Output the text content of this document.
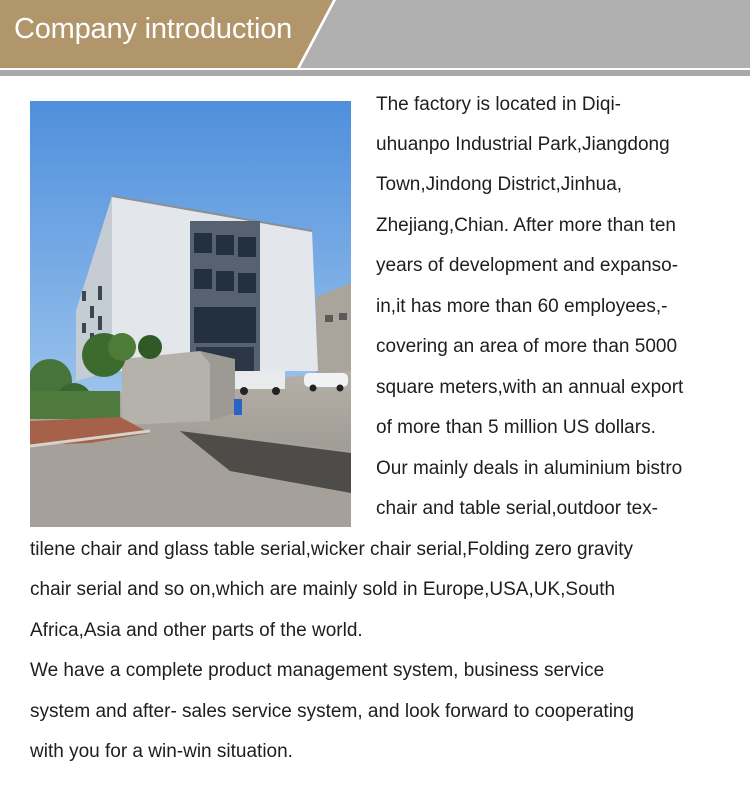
Company introduction
The factory is located in Diqi-
uhuanpo Industrial Park,Jiangdong
Town,Jindong District,Jinhua,
Zhejiang,Chian. After more than ten
years of development and expanso-
in,it has more than 60 employees,-
covering an area of more than 5000
square meters,with an annual export
of more than 5 million US dollars.
Our mainly deals in aluminium bistro
chair and table serial,outdoor tex-
tilene chair and glass table serial,wicker chair serial,Folding zero gravity
chair serial and so on,which are mainly sold in Europe,USA,UK,South
Africa,Asia and other parts of the world.
We have a complete product management system, business service
system and after- sales service system, and look forward to cooperating
with you for a win-win situation.
